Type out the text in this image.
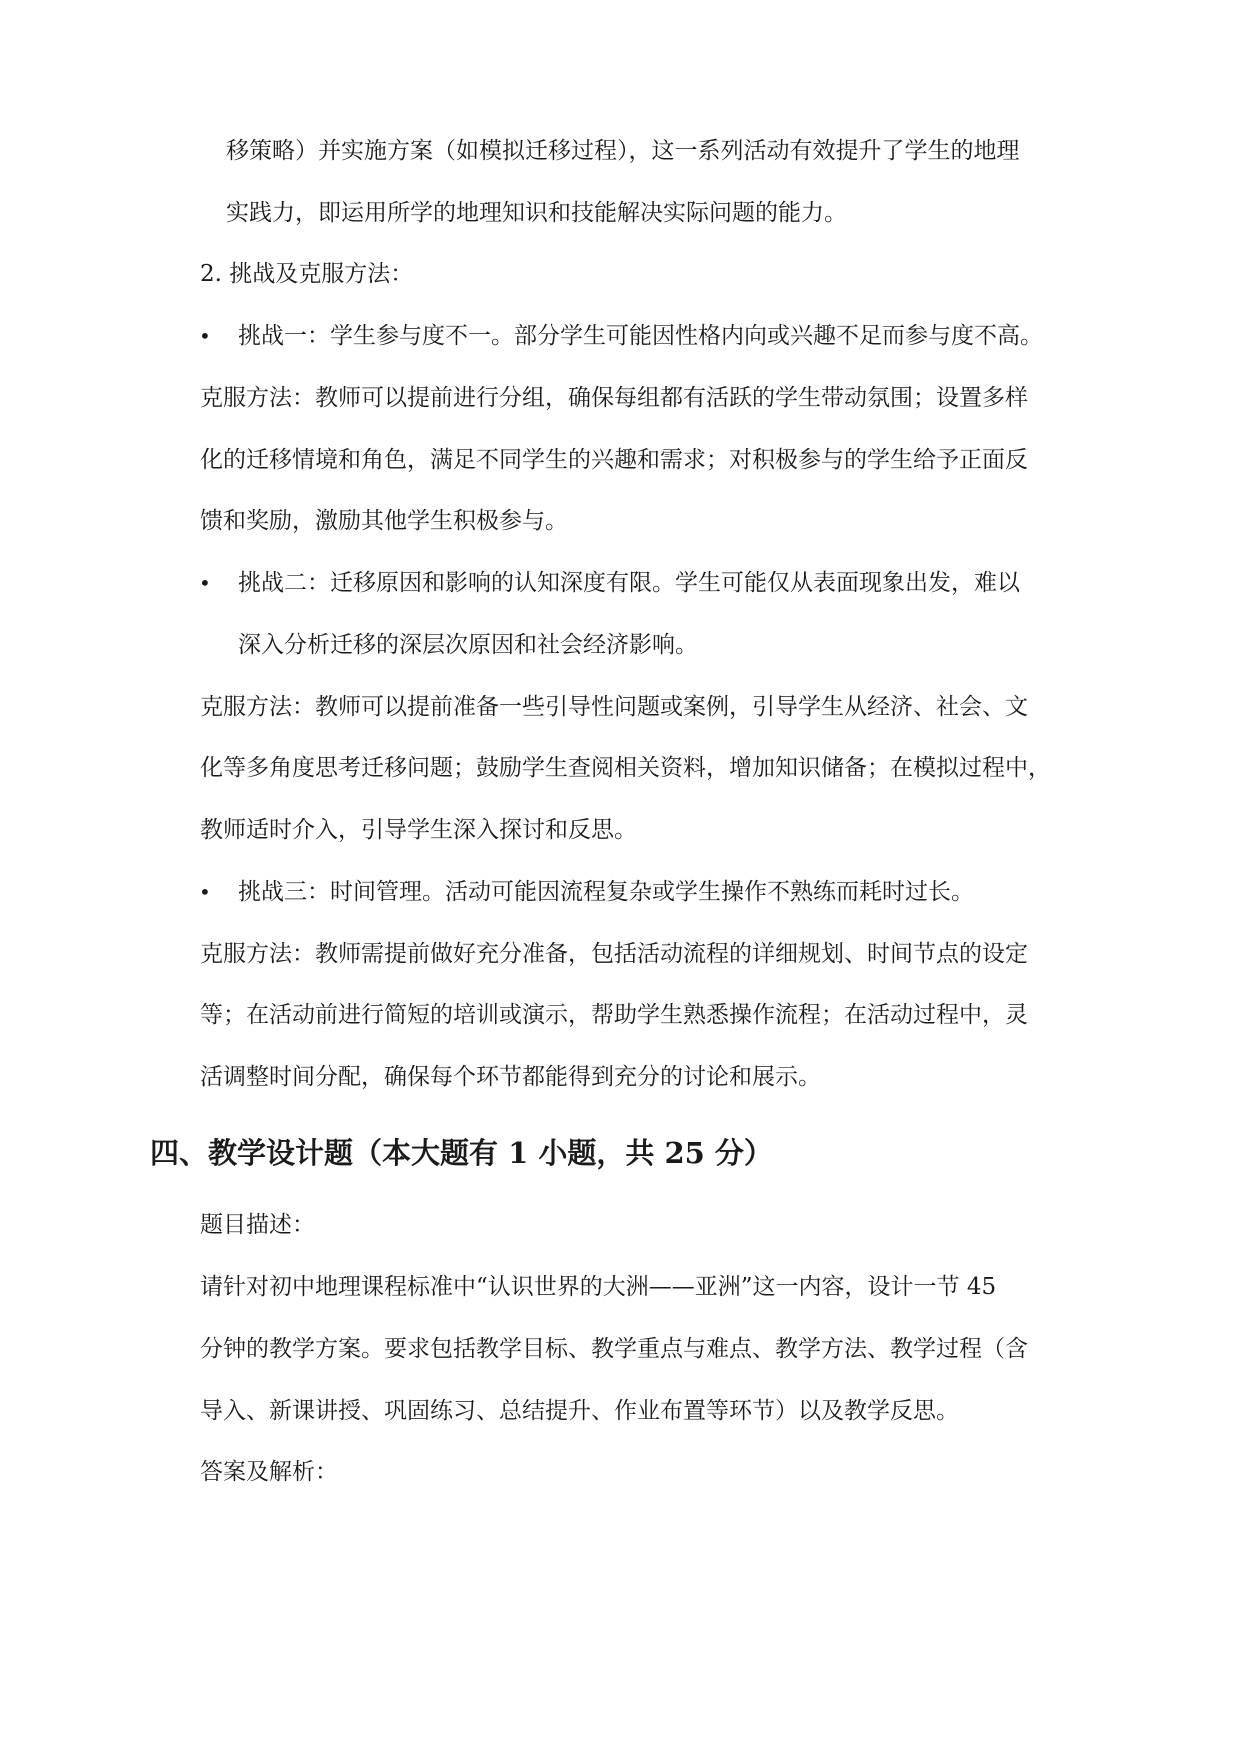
移策略）并实施方案（如模拟迁移过程），这一系列活动有效提升了学生的地理
实践力，即运用所学的地理知识和技能解决实际问题的能力。
2. 挑战及克服方法：
• 挑战一：学生参与度不一。部分学生可能因性格内向或兴趣不足而参与度不高。
克服方法：教师可以提前进行分组，确保每组都有活跃的学生带动氛围；设置多样
化的迁移情境和角色，满足不同学生的兴趣和需求；对积极参与的学生给予正面反
馈和奖励，激励其他学生积极参与。
• 挑战二：迁移原因和影响的认知深度有限。学生可能仅从表面现象出发，难以
深入分析迁移的深层次原因和社会经济影响。
克服方法：教师可以提前准备一些引导性问题或案例，引导学生从经济、社会、文
化等多角度思考迁移问题；鼓励学生查阅相关资料，增加知识储备；在模拟过程中，
教师适时介入，引导学生深入探讨和反思。
• 挑战三：时间管理。活动可能因流程复杂或学生操作不熟练而耗时过长。
克服方法：教师需提前做好充分准备，包括活动流程的详细规划、时间节点的设定
等；在活动前进行简短的培训或演示，帮助学生熟悉操作流程；在活动过程中，灵
活调整时间分配，确保每个环节都能得到充分的讨论和展示。
四、教学设计题（本大题有 1 小题，共 25 分）
题目描述：
请针对初中地理课程标准中“认识世界的大洲——亚洲”这一内容，设计一节 45
分钟的教学方案。要求包括教学目标、教学重点与难点、教学方法、教学过程（含
导入、新课讲授、巩固练习、总结提升、作业布置等环节）以及教学反思。
答案及解析：
